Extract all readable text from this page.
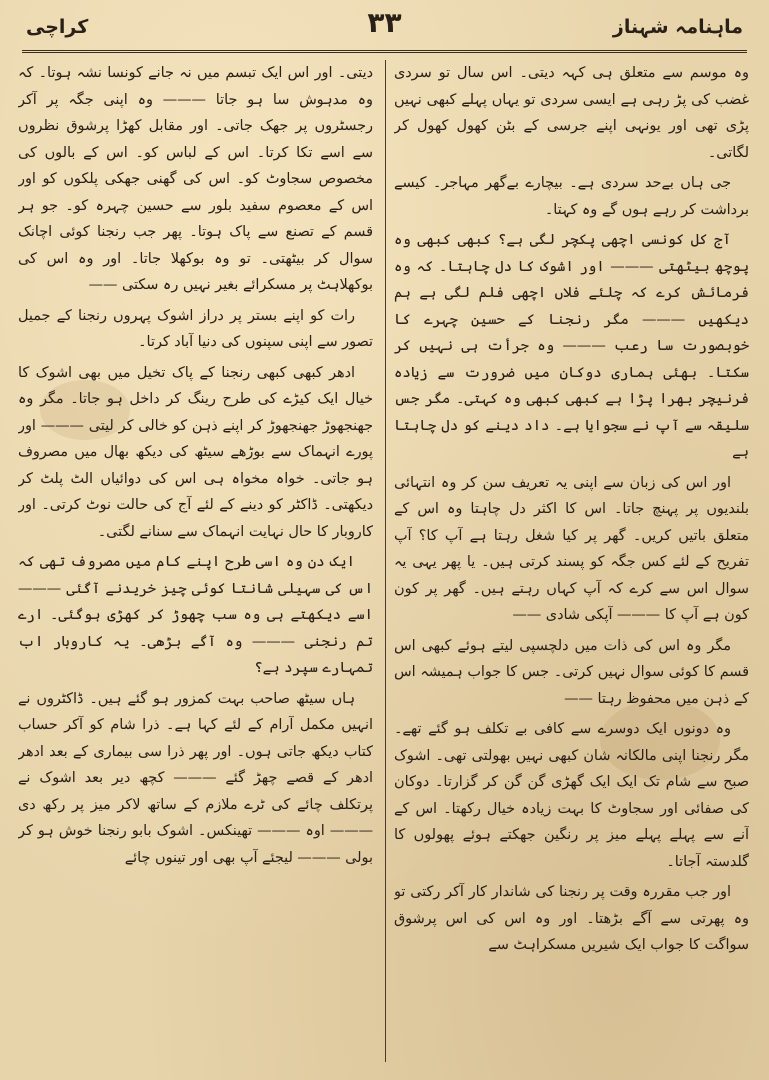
ماہنامہ شہناز
۳۳
کراچی

وہ موسم سے متعلق ہی کہہ دیتی۔ اس سال تو سردی غضب کی پڑ رہی ہے ایسی سردی تو یہاں پہلے کبھی نہیں پڑی تھی اور یونہی اپنے جرسی کے بٹن کھول کھول کر لگاتی۔

جی ہاں بےحد سردی ہے۔ بیچارے بےگھر مہاجر۔ کیسے برداشت کر رہے ہوں گے وہ کہتا۔

آج کل کونسی اچھی پکچر لگی ہے؟ کبھی کبھی وہ پوچھ بیٹھتی ——— اور اشوک کا دل چاہتا۔ کہ وہ فرمائش کرے کہ چلئے فلاں اچھی فلم لگی ہے ہم دیکھیں ——— مگر رنجنا کے حسین چہرے کا خوبصورت سا رعب ——— وہ جرأت ہی نہیں کر سکتا۔ بھئی ہماری دوکان میں ضرورت سے زیادہ فرنیچر بھرا پڑا ہے کبھی کبھی وہ کہتی۔ مگر جس سلیقہ سے آپ نے سجوایا ہے۔ داد دینے کو دل چاہتا ہے

اور اس کی زبان سے اپنی یہ تعریف سن کر وہ انتہائی بلندیوں پر پہنچ جاتا۔ اس کا اکثر دل چاہتا وہ اس کے متعلق باتیں کریں۔ گھر پر کیا شغل رہتا ہے آپ کا؟ آپ تفریح کے لئے کس جگہ کو پسند کرتی ہیں۔ یا پھر یہی یہ سوال اس سے کرے کہ آپ کہاں رہتے ہیں۔ گھر پر کون کون ہے آپ کا ——— آپکی شادی ——

مگر وہ اس کی ذات میں دلچسپی لیتے ہوئے کبھی اس قسم کا کوئی سوال نہیں کرتی۔ جس کا جواب ہمیشہ اس کے ذہن میں محفوظ رہتا ——

وہ دونوں ایک دوسرے سے کافی بے تکلف ہو گئے تھے۔ مگر رنجنا اپنی مالکانہ شان کبھی نہیں بھولتی تھی۔ اشوک صبح سے شام تک ایک ایک گھڑی گن گن کر گزارتا۔ دوکان کی صفائی اور سجاوٹ کا بہت زیادہ خیال رکھتا۔ اس کے آنے سے پہلے پہلے میز پر رنگین جھکتے ہوئے پھولوں کا گلدستہ آجاتا۔

اور جب مقررہ وقت پر رنجنا کی شاندار کار آکر رکتی تو وہ پھرتی سے آگے بڑھتا۔ اور وہ اس کی اس پرشوق سواگت کا جواب ایک شیریں مسکراہٹ سے

دیتی۔ اور اس ایک تبسم میں نہ جانے کونسا نشہ ہوتا۔ کہ وہ مدہوش سا ہو جاتا ——— وہ اپنی جگہ پر آکر رجسٹروں پر جھک جاتی۔ اور مقابل کھڑا پرشوق نظروں سے اسے تکا کرتا۔ اس کے لباس کو۔ اس کے بالوں کی مخصوص سجاوٹ کو۔ اس کی گھنی جھکی پلکوں کو اور اس کے معصوم سفید بلور سے حسین چہرہ کو۔ جو ہر قسم کے تصنع سے پاک ہوتا۔ پھر جب رنجنا کوئی اچانک سوال کر بیٹھتی۔ تو وہ بوکھلا جاتا۔ اور وہ اس کی بوکھلاہٹ پر مسکرائے بغیر نہیں رہ سکتی ——

رات کو اپنے بستر پر دراز اشوک پہروں رنجنا کے جمیل تصور سے اپنی سپنوں کی دنیا آباد کرتا۔

ادھر کبھی کبھی رنجنا کے پاک تخیل میں بھی اشوک کا خیال ایک کیڑے کی طرح رینگ کر داخل ہو جاتا۔ مگر وہ جھنجھوڑ جھنجھوڑ کر اپنے ذہن کو خالی کر لیتی ——— اور پورے انہماک سے بوڑھے سیٹھ کی دیکھ بھال میں مصروف ہو جاتی۔ خواہ مخواہ ہی اس کی دوائیاں الٹ پلٹ کر دیکھتی۔ ڈاکٹر کو دینے کے لئے آج کی حالت نوٹ کرتی۔ اور کاروبار کا حال نہایت انہماک سے سنانے لگتی۔

ایک دن وہ اسی طرح اپنے کام میں مصروف تھی کہ اس کی سہیلی شانتا کوئی چیز خریدنے آگئی ——— اسے دیکھتے ہی وہ سب چھوڑ کر کھڑی ہوگئی۔ ارے تم رنجنی ——— وہ آگے بڑھی۔ یہ کاروبار اب تمہارے سپرد ہے؟

ہاں سیٹھ صاحب بہت کمزور ہو گئے ہیں۔ ڈاکٹروں نے انہیں مکمل آرام کے لئے کہا ہے۔ ذرا شام کو آکر حساب کتاب دیکھ جاتی ہوں۔ اور پھر ذرا سی بیماری کے بعد ادھر ادھر کے قصے چھڑ گئے ——— کچھ دیر بعد اشوک نے پرتکلف چائے کی ٹرے ملازم کے ساتھ لاکر میز پر رکھ دی ——— اوہ ——— تھینکس۔ اشوک بابو رنجنا خوش ہو کر بولی ——— لیجئے آپ بھی اور تینوں چائے
